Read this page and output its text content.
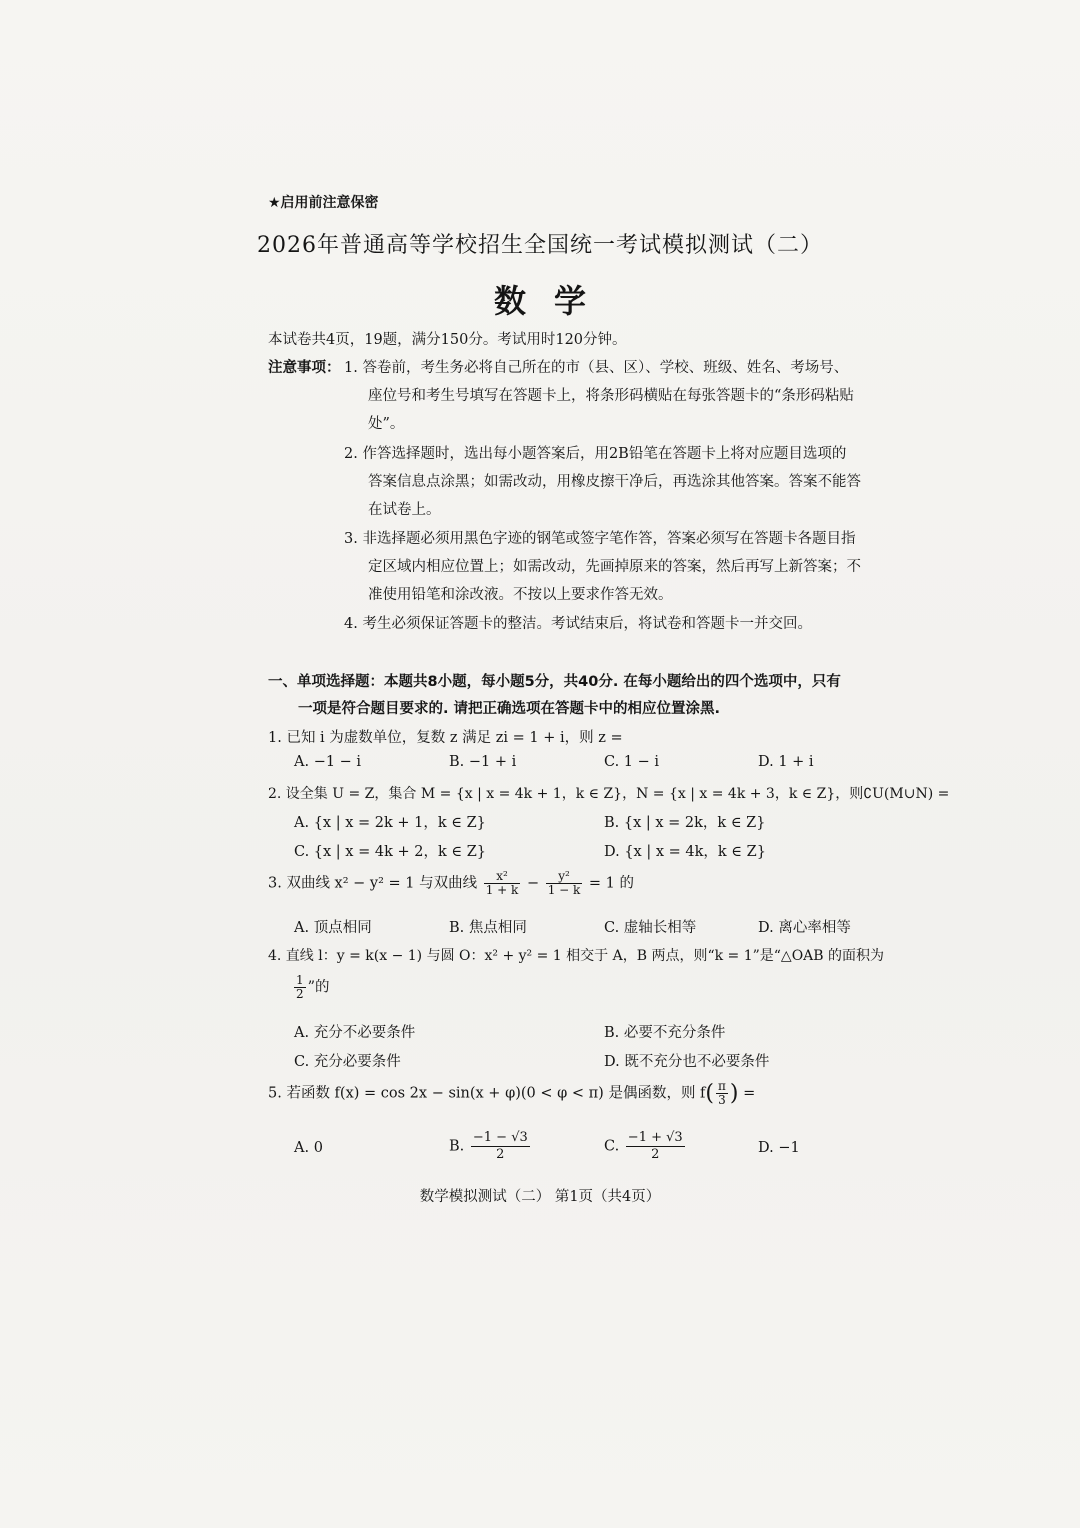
★启用前注意保密
2026年普通高等学校招生全国统一考试模拟测试（二）
数学
本试卷共4页，19题，满分150分。考试用时120分钟。
注意事项： 1. 答卷前，考生务必将自己所在的市（县、区）、学校、班级、姓名、考场号、
座位号和考生号填写在答题卡上，将条形码横贴在每张答题卡的“条形码粘贴
处”。
2. 作答选择题时，选出每小题答案后，用2B铅笔在答题卡上将对应题目选项的
答案信息点涂黑；如需改动，用橡皮擦干净后，再选涂其他答案。答案不能答
在试卷上。
3. 非选择题必须用黑色字迹的钢笔或签字笔作答，答案必须写在答题卡各题目指
定区域内相应位置上；如需改动，先画掉原来的答案，然后再写上新答案；不
准使用铅笔和涂改液。不按以上要求作答无效。
4. 考生必须保证答题卡的整洁。考试结束后，将试卷和答题卡一并交回。
一、单项选择题：本题共8小题，每小题5分，共40分. 在每小题给出的四个选项中，只有
一项是符合题目要求的. 请把正确选项在答题卡中的相应位置涂黑.
1. 已知 i 为虚数单位，复数 z 满足 zi = 1 + i，则 z =
A. −1 − i	B. −1 + i	C. 1 − i	D. 1 + i
2. 设全集 U = Z，集合 M = {x | x = 4k + 1，k ∈ Z}，N = {x | x = 4k + 3，k ∈ Z}，则∁U(M∪N) =
A. {x | x = 2k + 1，k ∈ Z}	B. {x | x = 2k，k ∈ Z}
C. {x | x = 4k + 2，k ∈ Z}	D. {x | x = 4k，k ∈ Z}
3. 双曲线 x² − y² = 1 与双曲线 $\frac{\text{x²}}{1 + k} - \frac{\text{y²}}{1 - k} = 1$ 的
A. 顶点相同	B. 焦点相同	C. 虚轴长相等	D. 离心率相等
4. 直线 l：y = k(x − 1) 与圆 O：x² + y² = 1 相交于 A，B 两点，则“k = 1”是“△OAB 的面积为
$\frac{1}{2}$ ”的
A. 充分不必要条件	B. 必要不充分条件
C. 充分必要条件	D. 既不充分也不必要条件
5. 若函数 f(x) = cos 2x − sin(x + φ)(0 < φ < π) 是偶函数，则 $f( \frac{\pi}{3}$ ) =
A. 0	B. $\frac{-1 - √3}{2}$	C. $\frac{-1 + √3}{2}$	D. −1
数学模拟测试（二） 第1页（共4页）
